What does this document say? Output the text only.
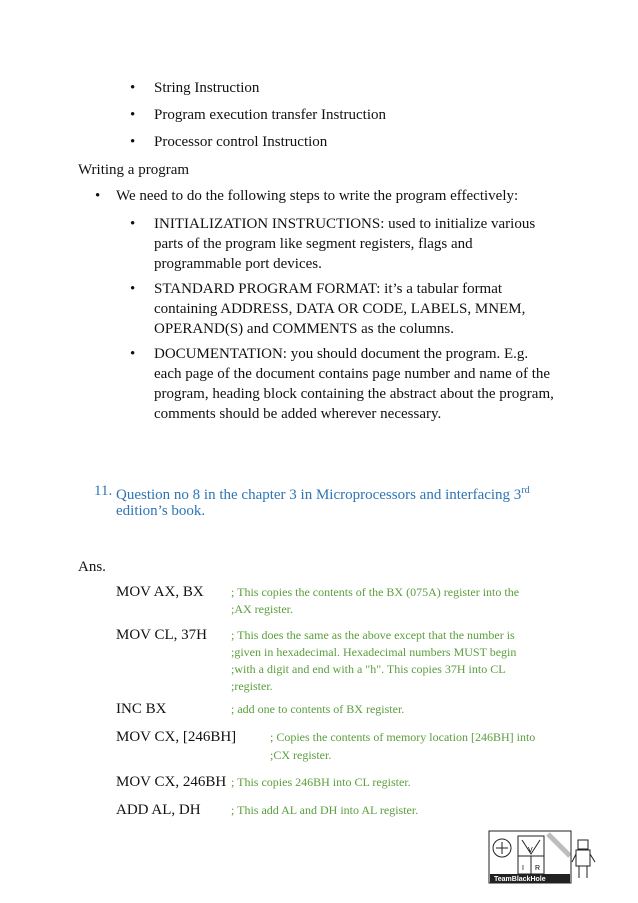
• String Instruction
• Program execution transfer Instruction
• Processor control Instruction
Writing a program
• We need to do the following steps to write the program effectively:
• INITIALIZATION INSTRUCTIONS: used to initialize various
parts of the program like segment registers, flags and
programmable port devices.
• STANDARD PROGRAM FORMAT: it’s a tabular format
containing ADDRESS, DATA OR CODE, LABELS, MNEM,
OPERAND(S) and COMMENTS as the columns.
• DOCUMENTATION: you should document the program. E.g.
each page of the document contains page number and name of the
program, heading block containing the abstract about the program,
comments should be added wherever necessary.
11. Question no 8 in the chapter 3 in Microprocessors and interfacing 3rd
edition’s book.
Ans.
MOV AX, BX ; This copies the contents of the BX (075A) register into the
;AX register.
MOV CL, 37H ; This does the same as the above except that the number is
;given in hexadecimal. Hexadecimal numbers MUST begin
;with a digit and end with a "h". This copies 37H into CL
;register.
INC BX	; add one to contents of BX register.
MOV CX, [246BH]	; Copies the contents of memory location [246BH] into
;CX register.
MOV CX, 246BH ; This copies 246BH into CL register.
ADD AL, DH	; This add AL and DH into AL register.
V
I R
TeamBlackHole
